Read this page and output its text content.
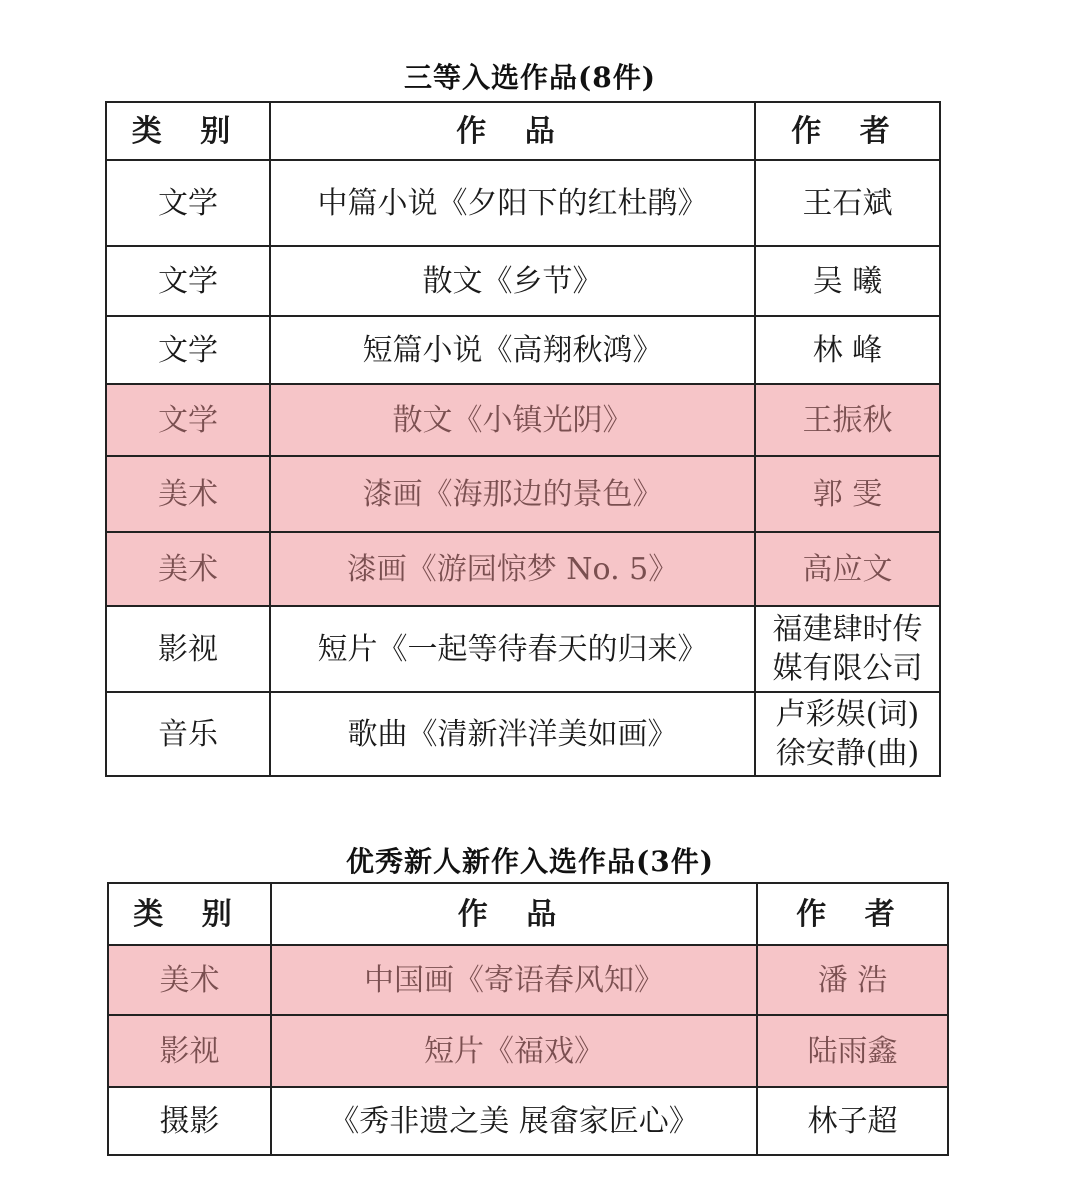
三等入选作品(8件)
类 别	作 品	作 者
文学	中篇小说《夕阳下的红杜鹃》	王石斌
文学	散文《乡节》	吴 曦
文学	短篇小说《高翔秋鸿》	林 峰
文学	散文《小镇光阴》	王振秋
美术	漆画《海那边的景色》	郭 雯
美术	漆画《游园惊梦 No. 5》	高应文
影视	短片《一起等待春天的归来》	福建肆时传
媒有限公司

音乐	歌曲《清新泮洋美如画》	卢彩娱(词)
徐安静(曲)
优秀新人新作入选作品(3件)
类 别	作 品	作 者
美术	中国画《寄语春风知》	潘 浩
影视	短片《福戏》	陆雨鑫
摄影	《秀非遗之美 展畲家匠心》	林子超
